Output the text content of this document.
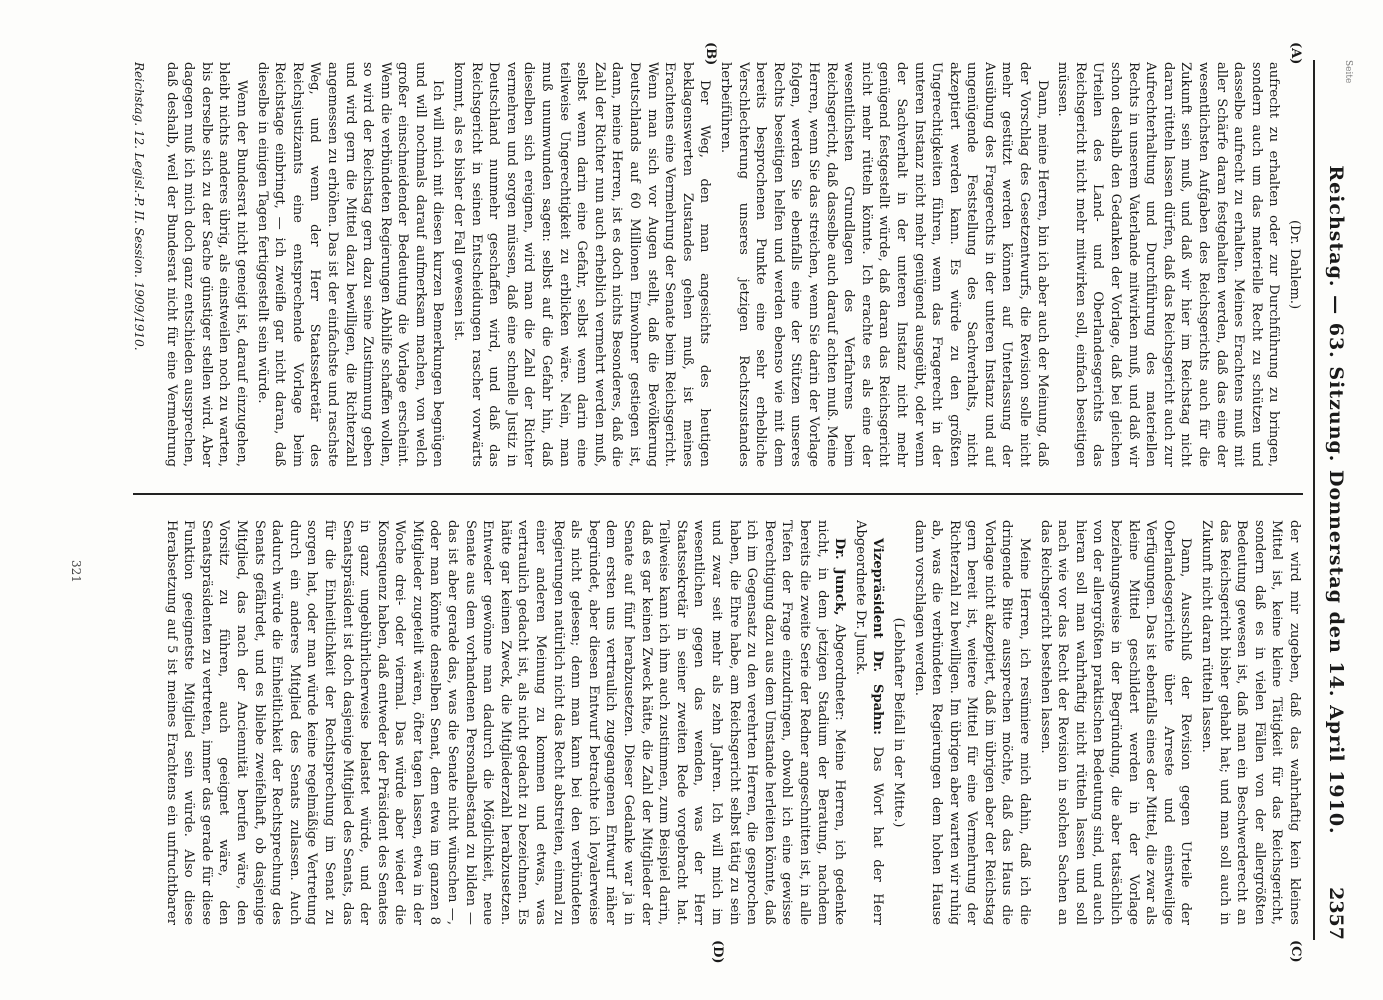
Seite
Reichstag. — 63. Sitzung. Donnerstag den 14. April 1910.
2357
(A)
(B)
(C)
(D)

(Dr. Dahlem.)

aufrecht zu erhalten oder zur Durchführung zu bringen, sondern auch um das materielle Recht zu schützen und dasselbe aufrecht zu erhalten. Meines Erachtens muß mit aller Schärfe daran festgehalten werden, daß das eine der wesentlichsten Aufgaben des Reichsgerichts auch für die Zukunft sein muß, und daß wir hier im Reichstag nicht daran rütteln lassen dürfen, daß das Reichsgericht auch zur Aufrechterhaltung und Durchführung des materiellen Rechts in unserem Vaterlande mitwirken muß, und daß wir schon deshalb den Gedanken der Vorlage, daß bei gleichen Urteilen des Land- und Oberlandesgerichts das Reichsgericht nicht mehr mitwirken soll, einfach beseitigen müssen.

Dann, meine Herren, bin ich aber auch der Meinung, daß der Vorschlag des Gesetzentwurfs, die Revision solle nicht mehr gestützt werden können auf Unterlassung der Ausübung des Fragerechts in der unteren Instanz und auf ungenügende Feststellung des Sachverhalts, nicht akzeptiert werden kann. Es würde zu den größten Ungerechtigkeiten führen, wenn das Fragerecht in der unteren Instanz nicht mehr genügend ausgeübt, oder wenn der Sachverhalt in der unteren Instanz nicht mehr genügend festgestellt würde, daß daran das Reichsgericht nicht mehr rütteln könnte. Ich erachte es als eine der wesentlichsten Grundlagen des Verfahrens beim Reichsgericht, daß dasselbe auch darauf achten muß. Meine Herren, wenn Sie das streichen, wenn Sie darin der Vorlage folgen, werden Sie ebenfalls eine der Stützen unseres Rechts beseitigen helfen und werden ebenso wie mit dem bereits besprochenen Punkte eine sehr erhebliche Verschlechterung unseres jetzigen Rechtszustandes herbeiführen.

Der Weg, den man angesichts des heutigen beklagenswerten Zustandes gehen muß, ist meines Erachtens eine Vermehrung der Senate beim Reichsgericht. Wenn man sich vor Augen stellt, daß die Bevölkerung Deutschlands auf 60 Millionen Einwohner gestiegen ist, dann, meine Herren, ist es doch nichts Besonderes, daß die Zahl der Richter nun auch erheblich vermehrt werden muß, selbst wenn darin eine Gefahr, selbst wenn darin eine teilweise Ungerechtigkeit zu erblicken wäre. Nein, man muß unumwunden sagen: selbst auf die Gefahr hin, daß dieselben sich ereignen, wird man die Zahl der Richter vermehren und sorgen müssen, daß eine schnelle Justiz in Deutschland nunmehr geschaffen wird, und daß das Reichsgericht in seinen Entscheidungen rascher vorwärts kommt, als es bisher der Fall gewesen ist.

Ich will mich mit diesen kurzen Bemerkungen begnügen und will nochmals darauf aufmerksam machen, von welch großer einschneidender Bedeutung die Vorlage erscheint. Wenn die verbündeten Regierungen Abhilfe schaffen wollen, so wird der Reichstag gern dazu seine Zustimmung geben und wird gern die Mittel dazu bewilligen, die Richterzahl angemessen zu erhöhen. Das ist der einfachste und raschste Weg, und wenn der Herr Staatssekretär des Reichsjustizamts eine entsprechende Vorlage beim Reichstage einbringt, — ich zweifle gar nicht daran, daß dieselbe in einigen Tagen fertiggestellt sein würde.

Wenn der Bundesrat nicht geneigt ist, darauf einzugehen, bleibt nichts anderes übrig, als einstweilen noch zu warten, bis derselbe sich zu der Sache günstiger stellen wird. Aber dagegen muß ich mich doch ganz entschieden aussprechen, daß deshalb, weil der Bundesrat nicht für eine Vermehrung

der wird mir zugeben, daß das wahrhaftig kein kleines Mittel ist, keine kleine Tätigkeit für das Reichsgericht, sondern daß es in vielen Fällen von der allergrößten Bedeutung gewesen ist, daß man ein Beschwerderecht an das Reichsgericht bisher gehabt hat; und man soll auch in Zukunft nicht daran rütteln lassen.

Dann, Ausschluß der Revision gegen Urteile der Oberlandesgerichte über Arreste und einstweilige Verfügungen. Das ist ebenfalls eines der Mittel, die zwar als kleine Mittel geschildert werden in der Vorlage beziehungsweise in der Begründung, die aber tatsächlich von der allergrößten praktischen Bedeutung sind, und auch hieran soll man wahrhaftig nicht rütteln lassen und soll nach wie vor das Recht der Revision in solchen Sachen an das Reichsgericht bestehen lassen.

Meine Herren, ich resümiere mich dahin, daß ich die dringende Bitte aussprechen möchte, daß das Haus die Vorlage nicht akzeptiert, daß im übrigen aber der Reichstag gern bereit ist, weitere Mittel für eine Vermehrung der Richterzahl zu bewilligen. Im übrigen aber warten wir ruhig ab, was die verbündeten Regierungen dem hohen Hause dann vorschlagen werden.

(Lebhafter Beifall in der Mitte.)

Vizepräsident Dr. Spahn: Das Wort hat der Herr Abgeordnete Dr. Junck.

Dr. Junck, Abgeordneter: Meine Herren, ich gedenke nicht, in dem jetzigen Stadium der Beratung, nachdem bereits die zweite Serie der Redner angeschnitten ist, in alle Tiefen der Frage einzudringen, obwohl ich eine gewisse Berechtigung dazu aus dem Umstande herleiten könnte, daß ich im Gegensatz zu den verehrten Herren, die gesprochen haben, die Ehre habe, am Reichsgericht selbst tätig zu sein und zwar seit mehr als zehn Jahren. Ich will mich im wesentlichen gegen das wenden, was der Herr Staatssekretär in seiner zweiten Rede vorgebracht hat. Teilweise kann ich ihm auch zustimmen, zum Beispiel darin, daß es gar keinen Zweck hätte, die Zahl der Mitglieder der Senate auf fünf herabzusetzen. Dieser Gedanke war ja in dem ersten uns vertraulich zugegangenen Entwurf näher begründet, aber diesen Entwurf betrachte ich loyalerweise als nicht gelesen; denn man kann bei den verbündeten Regierungen natürlich nicht das Recht abstreiten, einmal zu einer anderen Meinung zu kommen und etwas, was vertraulich gedacht ist, als nicht gedacht zu bezeichnen. Es hätte gar keinen Zweck, die Mitgliederzahl herabzusetzen. Entweder gewönne man dadurch die Möglichkeit, neue Senate aus dem vorhandenen Personalbestand zu bilden — das ist aber gerade das, was die Senate nicht wünschen —, oder man könnte denselben Senat, dem etwa im ganzen 8 Mitglieder zugeteilt wären, öfter tagen lassen, etwa in der Woche drei- oder viermal. Das würde aber wieder die Konsequenz haben, daß entweder der Präsident des Senates in ganz ungebührlicherweise belastet würde, und der Senatspräsident ist doch dasjenige Mitglied des Senats, das für die Einheitlichkeit der Rechtsprechung im Senat zu sorgen hat, oder man würde keine regelmäßige Vertretung durch ein anderes Mitglied des Senats zulassen. Auch dadurch würde die Einheitlichkeit der Rechtsprechung des Senats gefährdet, und es bliebe zweifelhaft, ob dasjenige Mitglied, das nach der Anciennität berufen wäre, den Vorsitz zu führen, auch geeignet wäre, den Senatspräsidenten zu vertreten, immer das gerade für diese Funktion geeignetste Mitglied sein würde. Also diese Herabsetzung auf 5 ist meines Erachtens ein unfruchtbarer

Reichstag. 12. Legisl.-P. II. Session. 1909/1910.
321
